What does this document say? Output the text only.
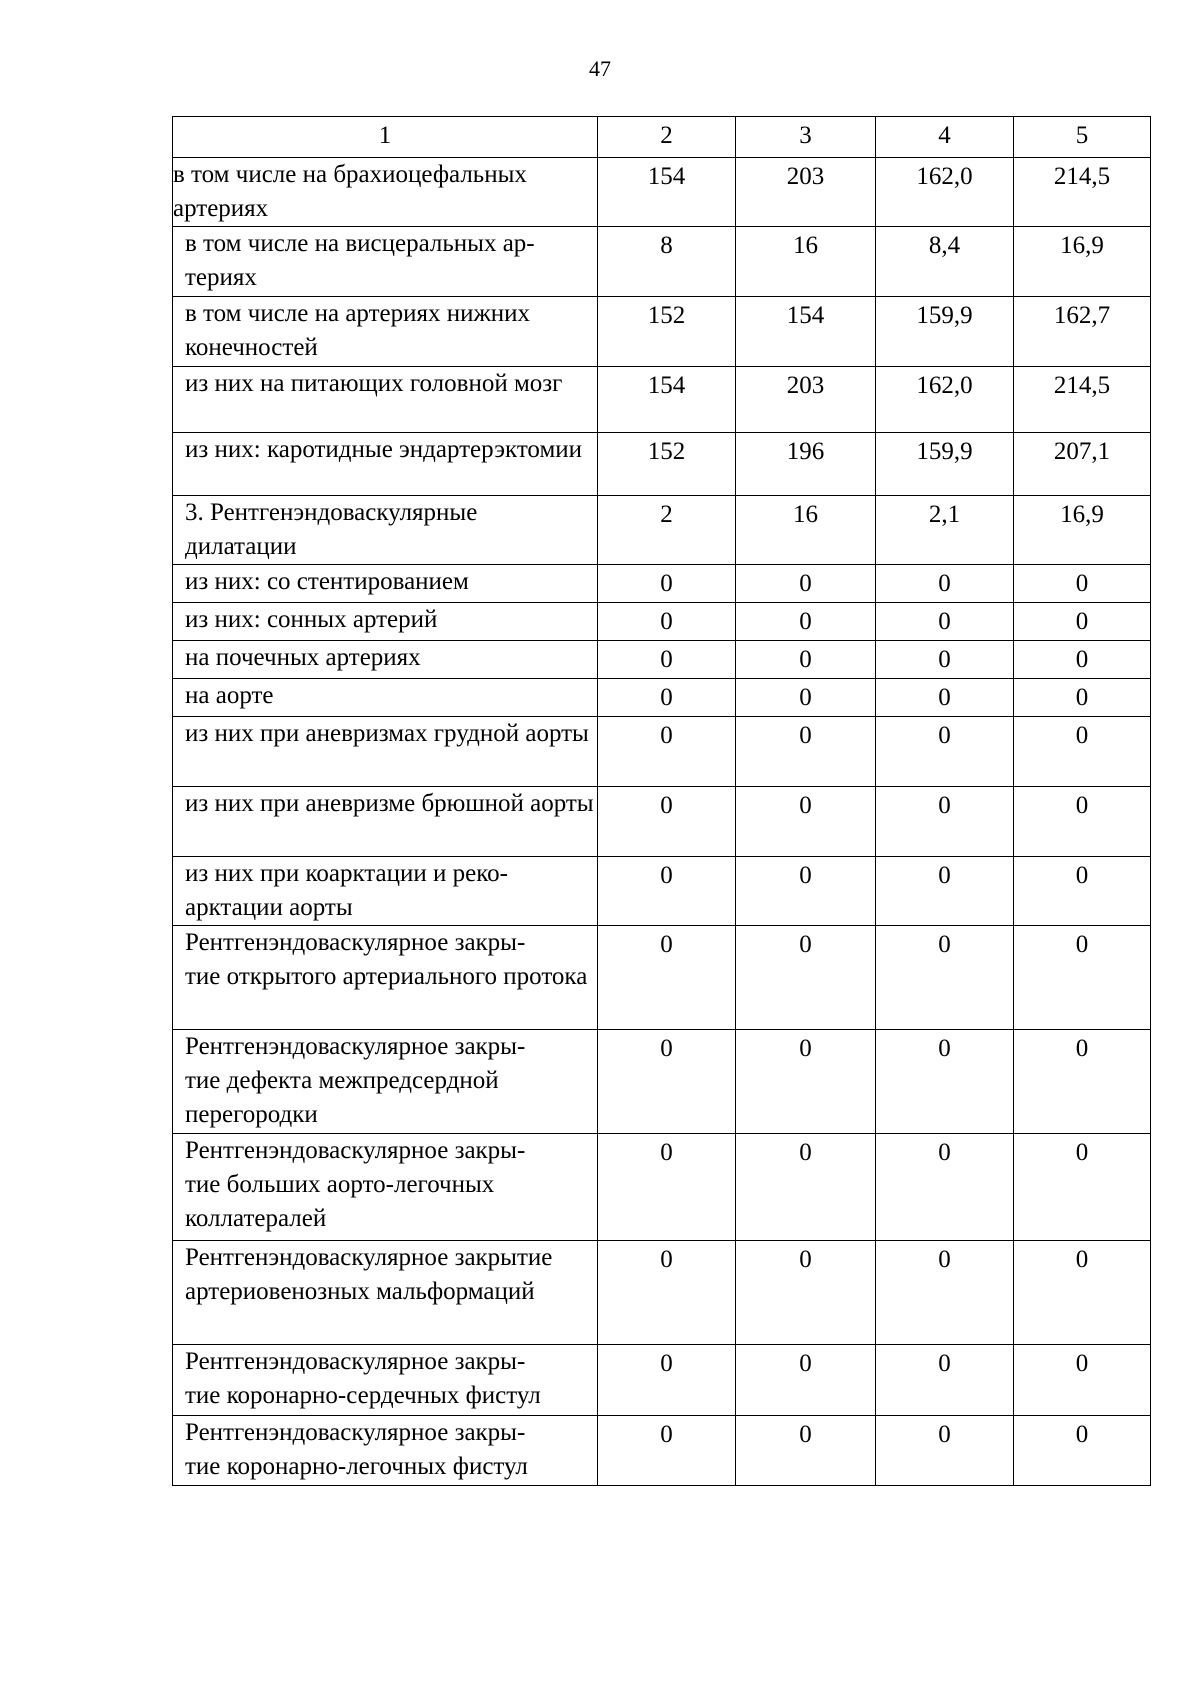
47
1	2	3	4	5
в том числе на брахиоцефальных артериях	154	203	162,0	214,5
в том числе на висцеральных ар-
териях	8	16	8,4	16,9
в том числе на артериях нижних конечностей	152	154	159,9	162,7
из них на питающих головной мозг	154	203	162,0	214,5
из них: каротидные эндартерэктомии	152	196	159,9	207,1
3. Рентгенэндоваскулярные дилатации	2	16	2,1	16,9
из них: со стентированием	0	0	0	0
из них: сонных артерий	0	0	0	0
на почечных артериях	0	0	0	0
на аорте	0	0	0	0
из них при аневризмах грудной аорты	0	0	0	0
из них при аневризме брюшной аорты	0	0	0	0
из них при коарктации и реко-
арктации аорты	0	0	0	0
Рентгенэндоваскулярное закры-
тие открытого артериального протока	0	0	0	0
Рентгенэндоваскулярное закры-
тие дефекта межпредсердной перегородки	0	0	0	0
Рентгенэндоваскулярное закры-
тие больших аорто-легочных коллатералей	0	0	0	0
Рентгенэндоваскулярное закрытие артериовенозных мальформаций	0	0	0	0
Рентгенэндоваскулярное закры-
тие коронарно-сердечных фистул	0	0	0	0
Рентгенэндоваскулярное закры-
тие коронарно-легочных фистул	0	0	0	0
